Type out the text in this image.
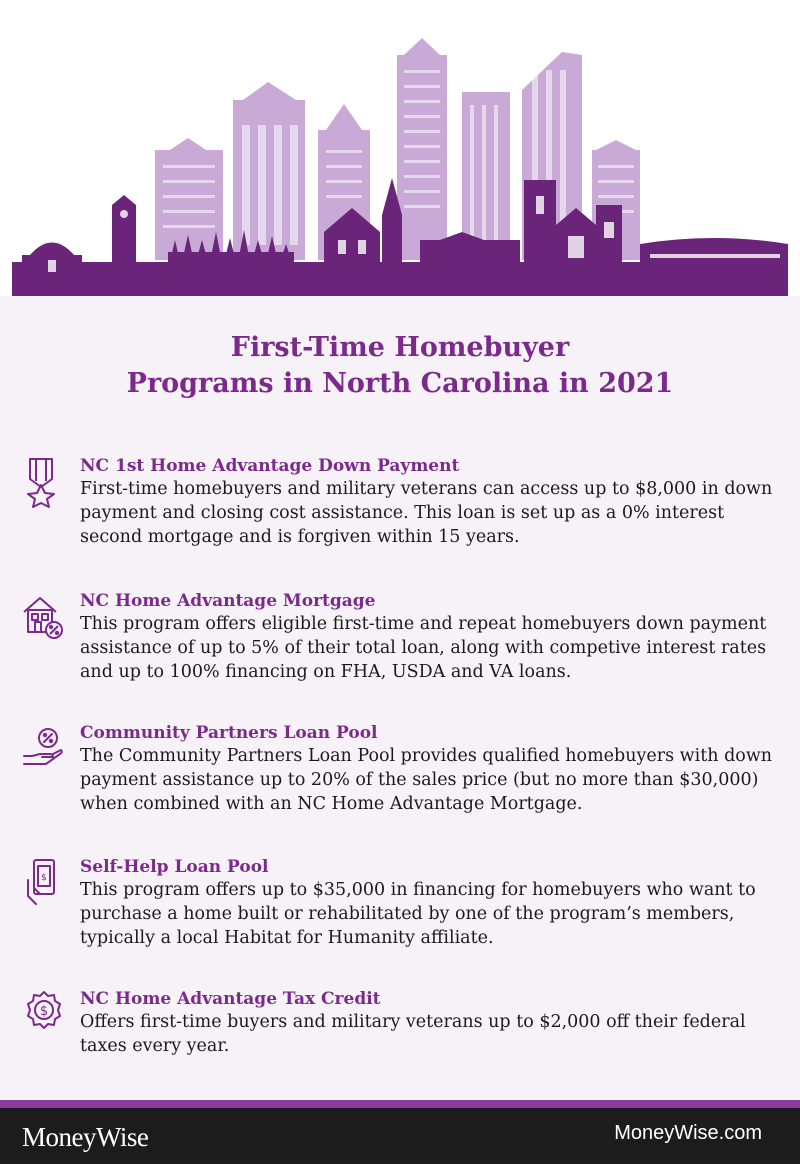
First-Time Homebuyer
Programs in North Carolina in 2021
NC 1st Home Advantage Down Payment
First-time homebuyers and military veterans can access up to $8,000 in down payment and closing cost assistance. This loan is set up as a 0% interest second mortgage and is forgiven within 15 years.
NC Home Advantage Mortgage
This program offers eligible first-time and repeat homebuyers down payment assistance of up to 5% of their total loan, along with competive interest rates and up to 100% financing on FHA, USDA and VA loans.
Community Partners Loan Pool
The Community Partners Loan Pool provides qualified homebuyers with down payment assistance up to 20% of the sales price (but no more than $30,000) when combined with an NC Home Advantage Mortgage.
$
Self-Help Loan Pool
This program offers up to $35,000 in financing for homebuyers who want to purchase a home built or rehabilitated by one of the program’s members, typically a local Habitat for Humanity affiliate.
$
NC Home Advantage Tax Credit
Offers first-time buyers and military veterans up to $2,000 off their federal taxes every year.
MoneyWise	MoneyWise.com
